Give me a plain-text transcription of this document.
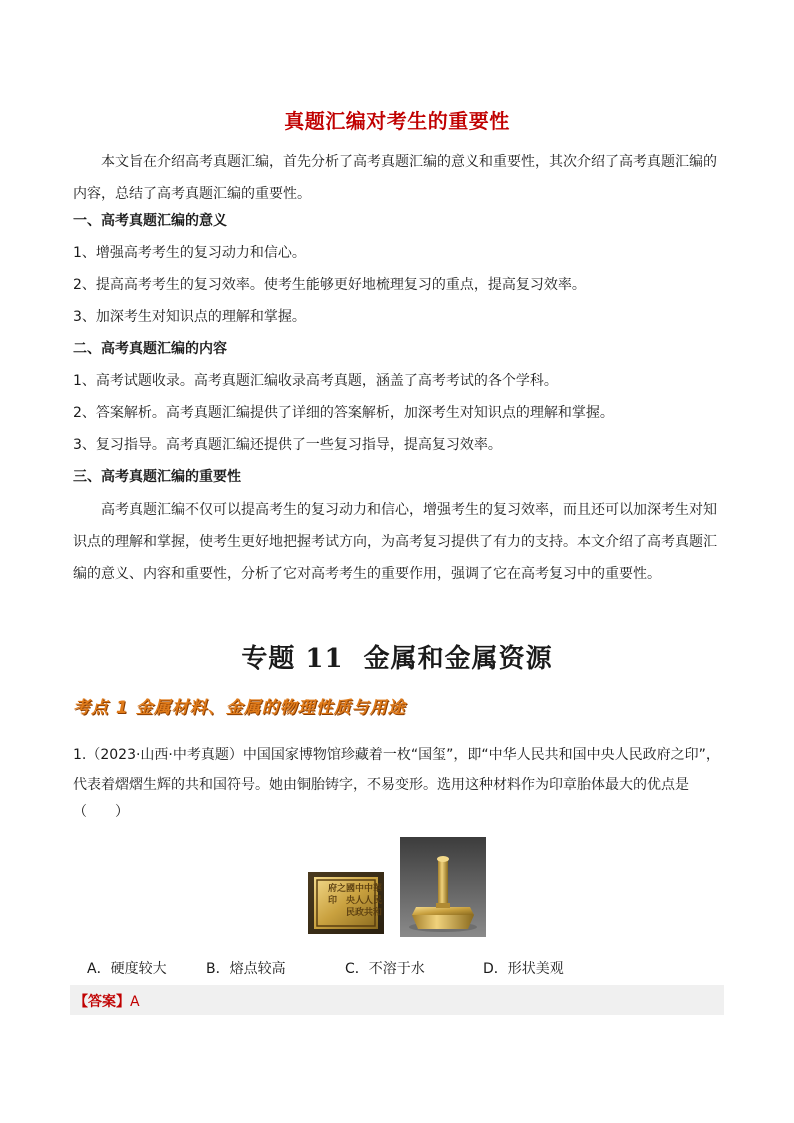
真题汇编对考生的重要性
本文旨在介绍高考真题汇编，首先分析了高考真题汇编的意义和重要性，其次介绍了高考真题汇编的内容，总结了高考真题汇编的重要性。
一、高考真题汇编的意义
1、增强高考考生的复习动力和信心。
2、提高高考考生的复习效率。使考生能够更好地梳理复习的重点，提高复习效率。
3、加深考生对知识点的理解和掌握。
二、高考真题汇编的内容
1、高考试题收录。高考真题汇编收录高考真题，涵盖了高考考试的各个学科。
2、答案解析。高考真题汇编提供了详细的答案解析，加深考生对知识点的理解和掌握。
3、复习指导。高考真题汇编还提供了一些复习指导，提高复习效率。
三、高考真题汇编的重要性
高考真题汇编不仅可以提高考生的复习动力和信心，增强考生的复习效率，而且还可以加深考生对知识点的理解和掌握，使考生更好地把握考试方向，为高考复习提供了有力的支持。本文介绍了高考真题汇编的意义、内容和重要性，分析了它对高考考生的重要作用，强调了它在高考复习中的重要性。
专题 11 金属和金属资源
考点 1 金属材料、金属的物理性质与用途
1.（2023·山西·中考真题）中国国家博物馆珍藏着一枚“国玺”，即“中华人民共和国中央人民政府之印”，代表着熠熠生辉的共和国符号。她由铜胎铸字，不易变形。选用这种材料作为印章胎体最大的优点是
（　　）
中華
人民
共和
國中
央人
民政
府之
印
A．硬度较大	B．熔点较高	C．不溶于水	D．形状美观
【答案】A
